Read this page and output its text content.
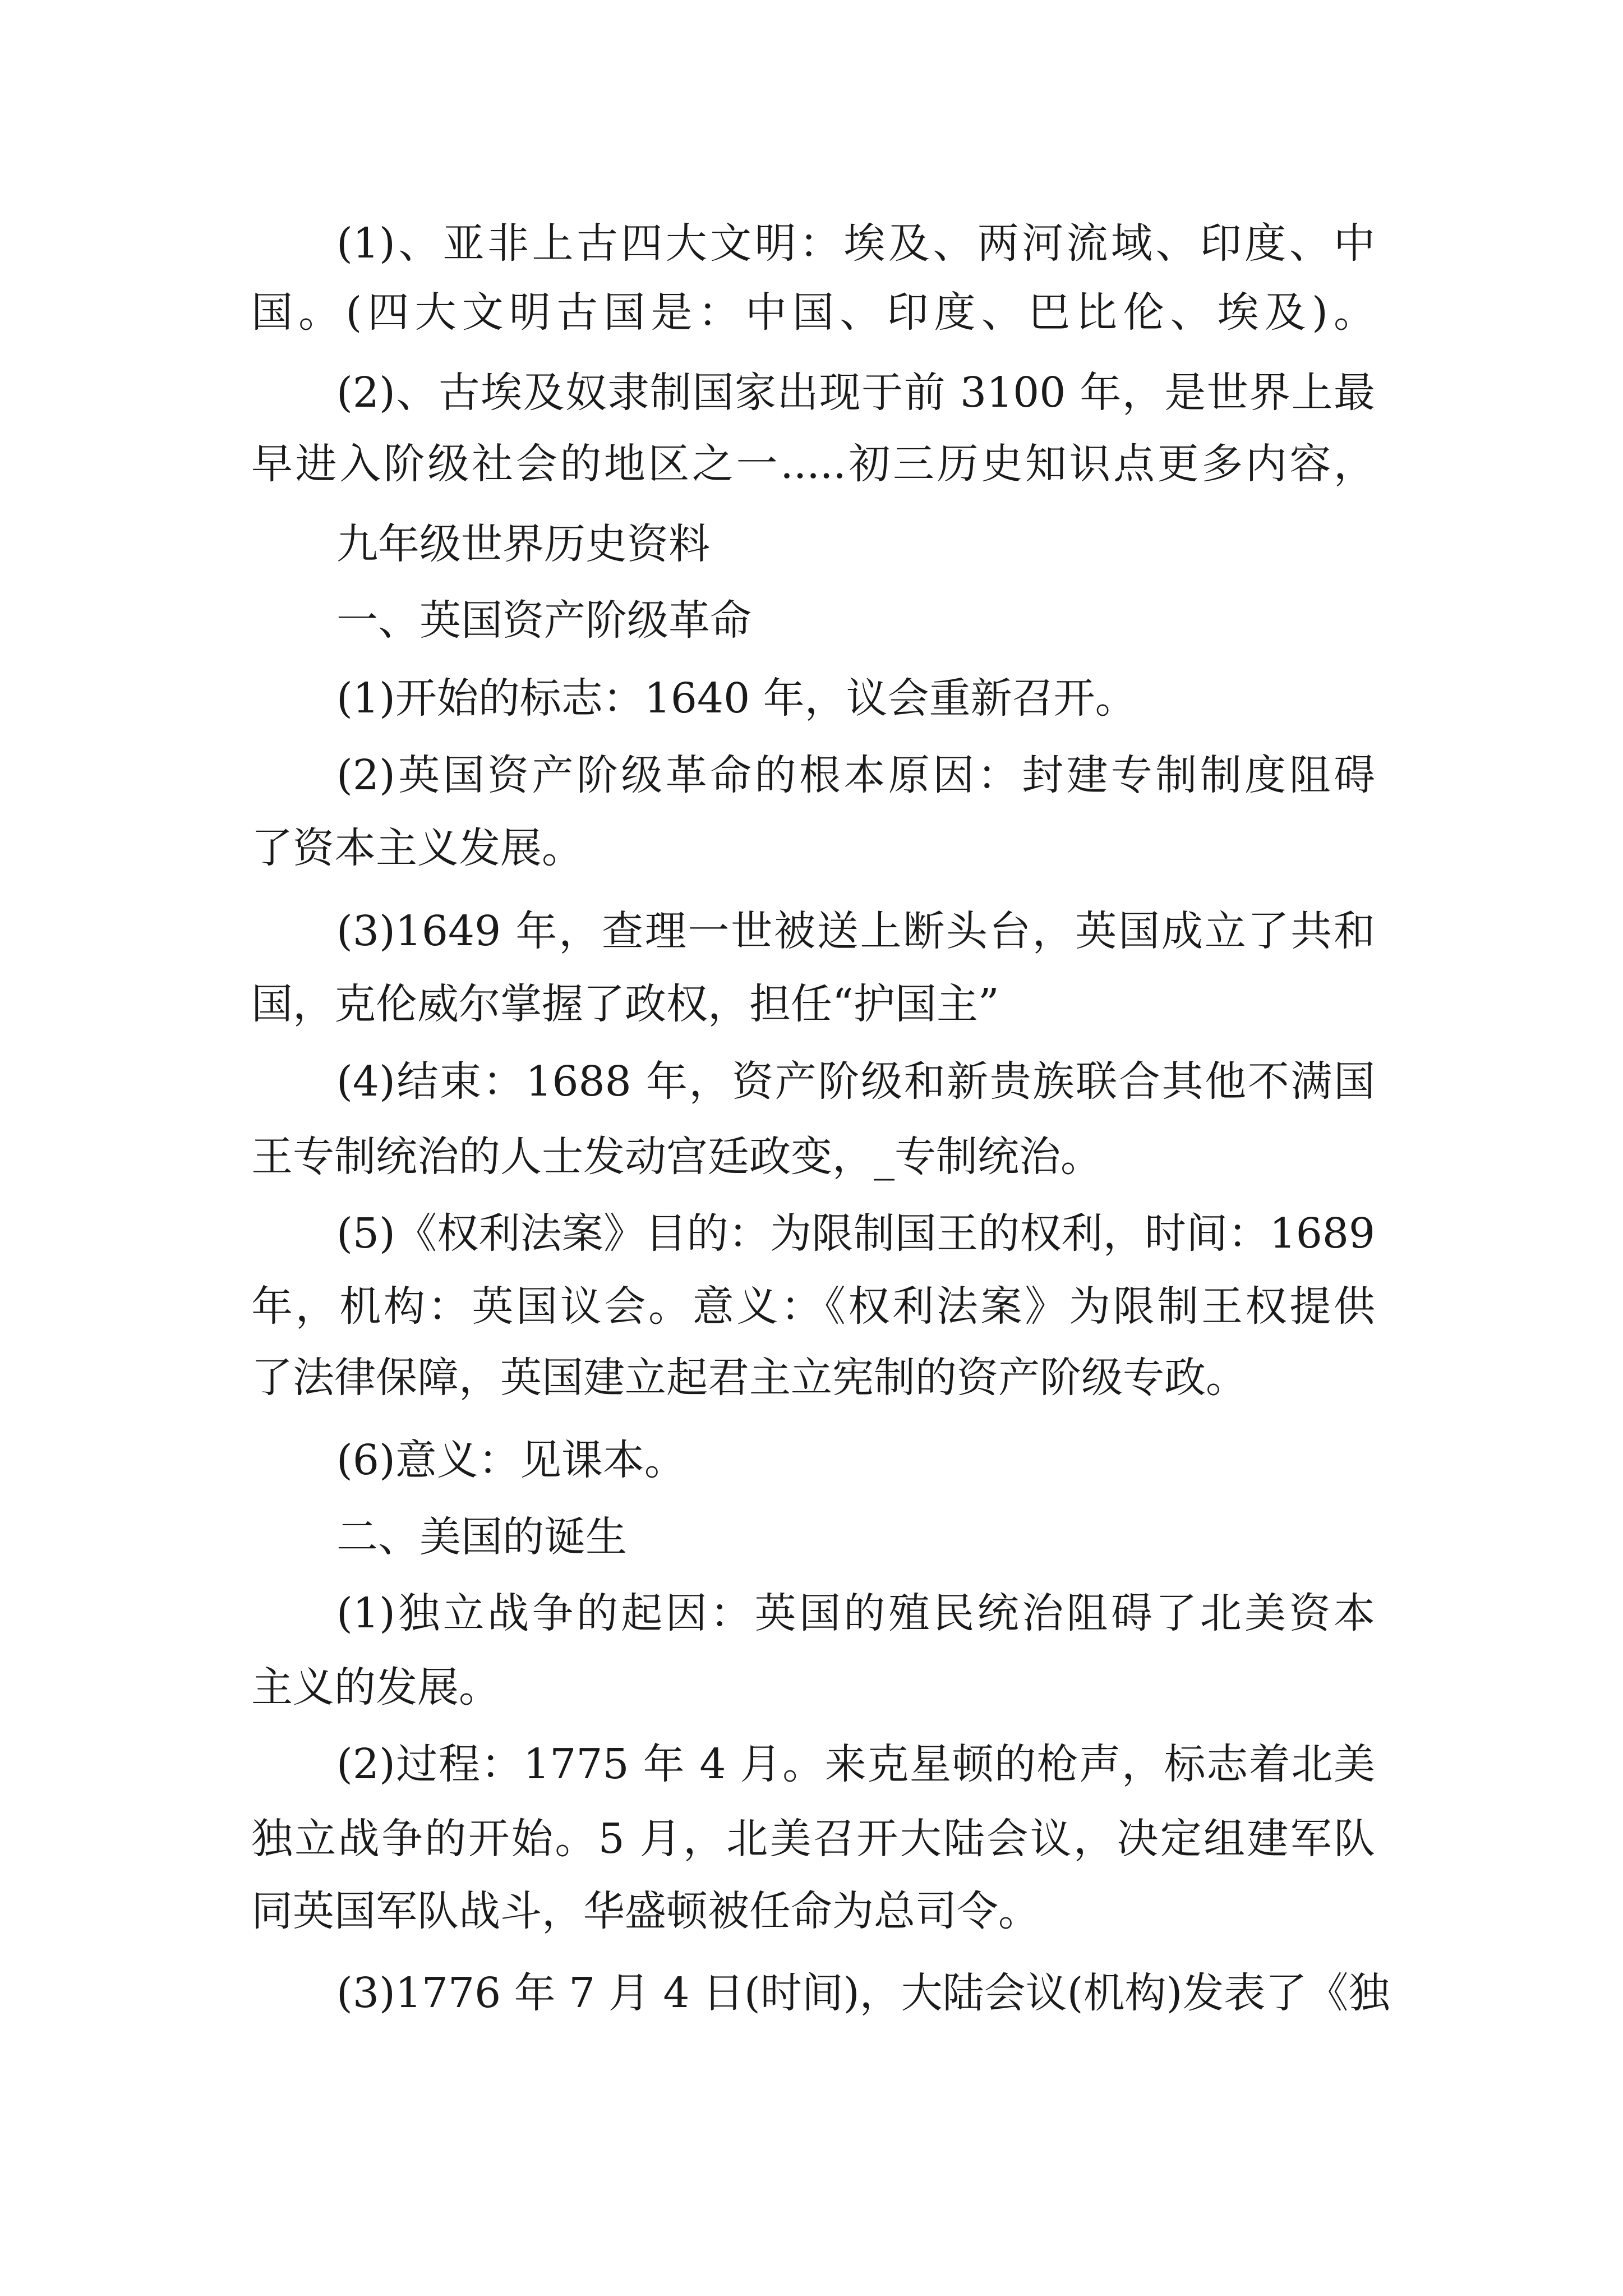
(1)、亚非上古四大文明：埃及、两河流域、印度、中
国。(四大文明古国是：中国、印度、巴比伦、埃及)。
(2)、古埃及奴隶制国家出现于前 3100 年，是世界上最
早进入阶级社会的地区之一.....初三历史知识点更多内容，
九年级世界历史资料
一、英国资产阶级革命
(1)开始的标志：1640 年，议会重新召开。
(2)英国资产阶级革命的根本原因：封建专制制度阻碍
了资本主义发展。
(3)1649 年，查理一世被送上断头台，英国成立了共和
国，克伦威尔掌握了政权，担任“护国主”
(4)结束：1688 年，资产阶级和新贵族联合其他不满国
王专制统治的人士发动宫廷政变，_专制统治。
(5)《权利法案》目的：为限制国王的权利，时间：1689
年，机构：英国议会。意义：《权利法案》为限制王权提供
了法律保障，英国建立起君主立宪制的资产阶级专政。
(6)意义：见课本。
二、美国的诞生
(1)独立战争的起因：英国的殖民统治阻碍了北美资本
主义的发展。
(2)过程：1775 年 4 月。来克星顿的枪声，标志着北美
独立战争的开始。5 月，北美召开大陆会议，决定组建军队
同英国军队战斗，华盛顿被任命为总司令。
(3)1776 年 7 月 4 日(时间)，大陆会议(机构)发表了《独
